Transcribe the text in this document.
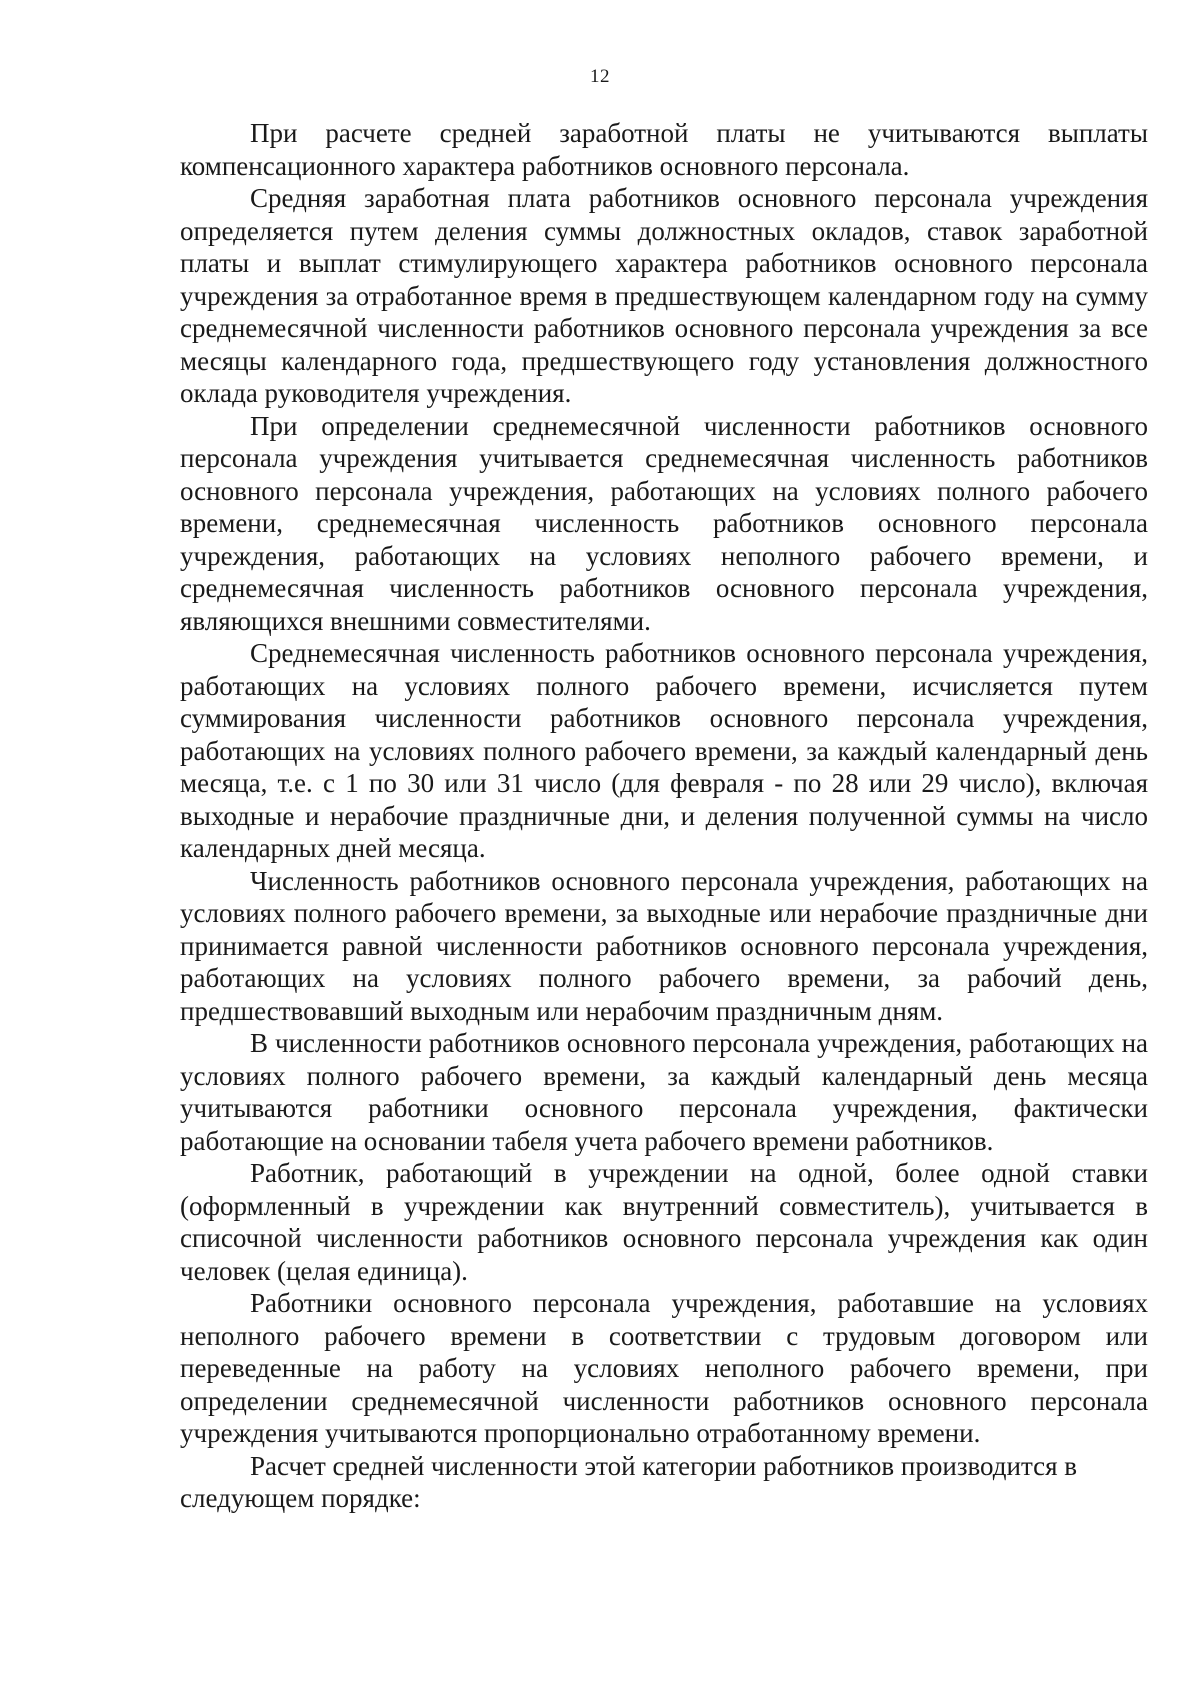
12

При расчете средней заработной платы не учитываются выплаты компенсационного характера работников основного персонала.

Средняя заработная плата работников основного персонала учреждения определяется путем деления суммы должностных окладов, ставок заработной платы и выплат стимулирующего характера работников основного персонала учреждения за отработанное время в предшествующем календарном году на сумму среднемесячной численности работников основного персонала учреждения за все месяцы календарного года, предшествующего году установления должностного оклада руководителя учреждения.

При определении среднемесячной численности работников основного персонала учреждения учитывается среднемесячная численность работников основного персонала учреждения, работающих на условиях полного рабочего времени, среднемесячная численность работников основного персонала учреждения, работающих на условиях неполного рабочего времени, и среднемесячная численность работников основного персонала учреждения, являющихся внешними совместителями.

Среднемесячная численность работников основного персонала учреждения, работающих на условиях полного рабочего времени, исчисляется путем суммирования численности работников основного персонала учреждения, работающих на условиях полного рабочего времени, за каждый календарный день месяца, т.е. с 1 по 30 или 31 число (для февраля - по 28 или 29 число), включая выходные и нерабочие праздничные дни, и деления полученной суммы на число календарных дней месяца.

Численность работников основного персонала учреждения, работающих на условиях полного рабочего времени, за выходные или нерабочие праздничные дни принимается равной численности работников основного персонала учреждения, работающих на условиях полного рабочего времени, за рабочий день, предшествовавший выходным или нерабочим праздничным дням.

В численности работников основного персонала учреждения, работающих на условиях полного рабочего времени, за каждый календарный день месяца учитываются работники основного персонала учреждения, фактически работающие на основании табеля учета рабочего времени работников.

Работник, работающий в учреждении на одной, более одной ставки (оформленный в учреждении как внутренний совместитель), учитывается в списочной численности работников основного персонала учреждения как один человек (целая единица).

Работники основного персонала учреждения, работавшие на условиях неполного рабочего времени в соответствии с трудовым договором или переведенные на работу на условиях неполного рабочего времени, при определении среднемесячной численности работников основного персонала учреждения учитываются пропорционально отработанному времени.

Расчет средней численности этой категории работников производится в следующем порядке:
